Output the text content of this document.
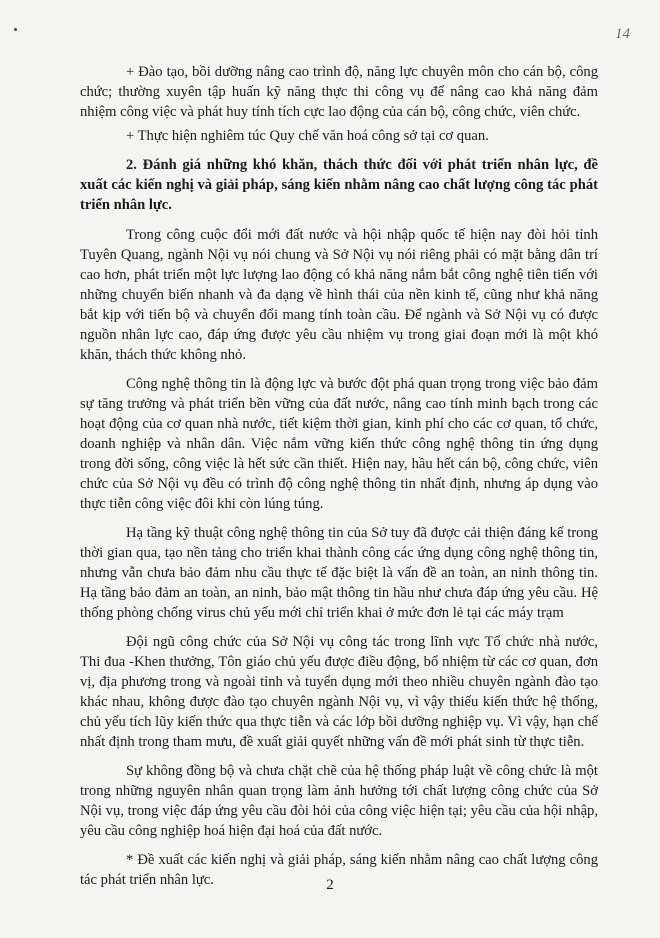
14

+ Đào tạo, bồi dưỡng nâng cao trình độ, năng lực chuyên môn cho cán bộ, công chức; thường xuyên tập huấn kỹ năng thực thi công vụ để nâng cao khả năng đảm nhiệm công việc và phát huy tính tích cực lao động của cán bộ, công chức, viên chức.

+ Thực hiện nghiêm túc Quy chế văn hoá công sở tại cơ quan.

2. Đánh giá những khó khăn, thách thức đối với phát triển nhân lực, đề xuất các kiến nghị và giải pháp, sáng kiến nhằm nâng cao chất lượng công tác phát triển nhân lực.

Trong công cuộc đổi mới đất nước và hội nhập quốc tế hiện nay đòi hỏi tỉnh Tuyên Quang, ngành Nội vụ nói chung và Sở Nội vụ nói riêng phải có mặt bằng dân trí cao hơn, phát triển một lực lượng lao động có khả năng nắm bắt công nghệ tiên tiến với những chuyển biến nhanh và đa dạng về hình thái của nền kinh tế, cũng như khả năng bắt kịp với tiến bộ và chuyển đổi mang tính toàn cầu. Để ngành và Sở Nội vụ có được nguồn nhân lực cao, đáp ứng được yêu cầu nhiệm vụ trong giai đoạn mới là một khó khăn, thách thức không nhỏ.

Công nghệ thông tin là động lực và bước đột phá quan trọng trong việc bảo đảm sự tăng trưởng và phát triển bền vững của đất nước, nâng cao tính minh bạch trong các hoạt động của cơ quan nhà nước, tiết kiệm thời gian, kinh phí cho các cơ quan, tổ chức, doanh nghiệp và nhân dân. Việc nắm vững kiến thức công nghệ thông tin ứng dụng trong đời sống, công việc là hết sức cần thiết. Hiện nay, hầu hết cán bộ, công chức, viên chức của Sở Nội vụ đều có trình độ công nghệ thông tin nhất định, nhưng áp dụng vào thực tiễn công việc đôi khi còn lúng túng.

Hạ tầng kỹ thuật công nghệ thông tin của Sở tuy đã được cải thiện đáng kể trong thời gian qua, tạo nền tảng cho triển khai thành công các ứng dụng công nghệ thông tin, nhưng vẫn chưa bảo đảm nhu cầu thực tế đặc biệt là vấn đề an toàn, an ninh thông tin. Hạ tầng bảo đảm an toàn, an ninh, bảo mật thông tin hầu như chưa đáp ứng yêu cầu. Hệ thống phòng chống virus chủ yếu mới chỉ triển khai ở mức đơn lẻ tại các máy trạm

Đội ngũ công chức của Sở Nội vụ công tác trong lĩnh vực Tổ chức nhà nước, Thi đua -Khen thưởng, Tôn giáo chủ yếu được điều động, bổ nhiệm từ các cơ quan, đơn vị, địa phương trong và ngoài tỉnh và tuyển dụng mới theo nhiều chuyên ngành đào tạo khác nhau, không được đào tạo chuyên ngành Nội vụ, vì vậy thiếu kiến thức hệ thống, chủ yếu tích lũy kiến thức qua thực tiễn và các lớp bồi dưỡng nghiệp vụ. Vì vậy, hạn chế nhất định trong tham mưu, đề xuất giải quyết những vấn đề mới phát sinh từ thực tiễn.

Sự không đồng bộ và chưa chặt chẽ của hệ thống pháp luật về công chức là một trong những nguyên nhân quan trọng làm ảnh hưởng tới chất lượng công chức của Sở Nội vụ, trong việc đáp ứng yêu cầu đòi hỏi của công việc hiện tại; yêu cầu của hội nhập, yêu cầu công nghiệp hoá hiện đại hoá của đất nước.

* Đề xuất các kiến nghị và giải pháp, sáng kiến nhằm nâng cao chất lượng công tác phát triển nhân lực.	2
